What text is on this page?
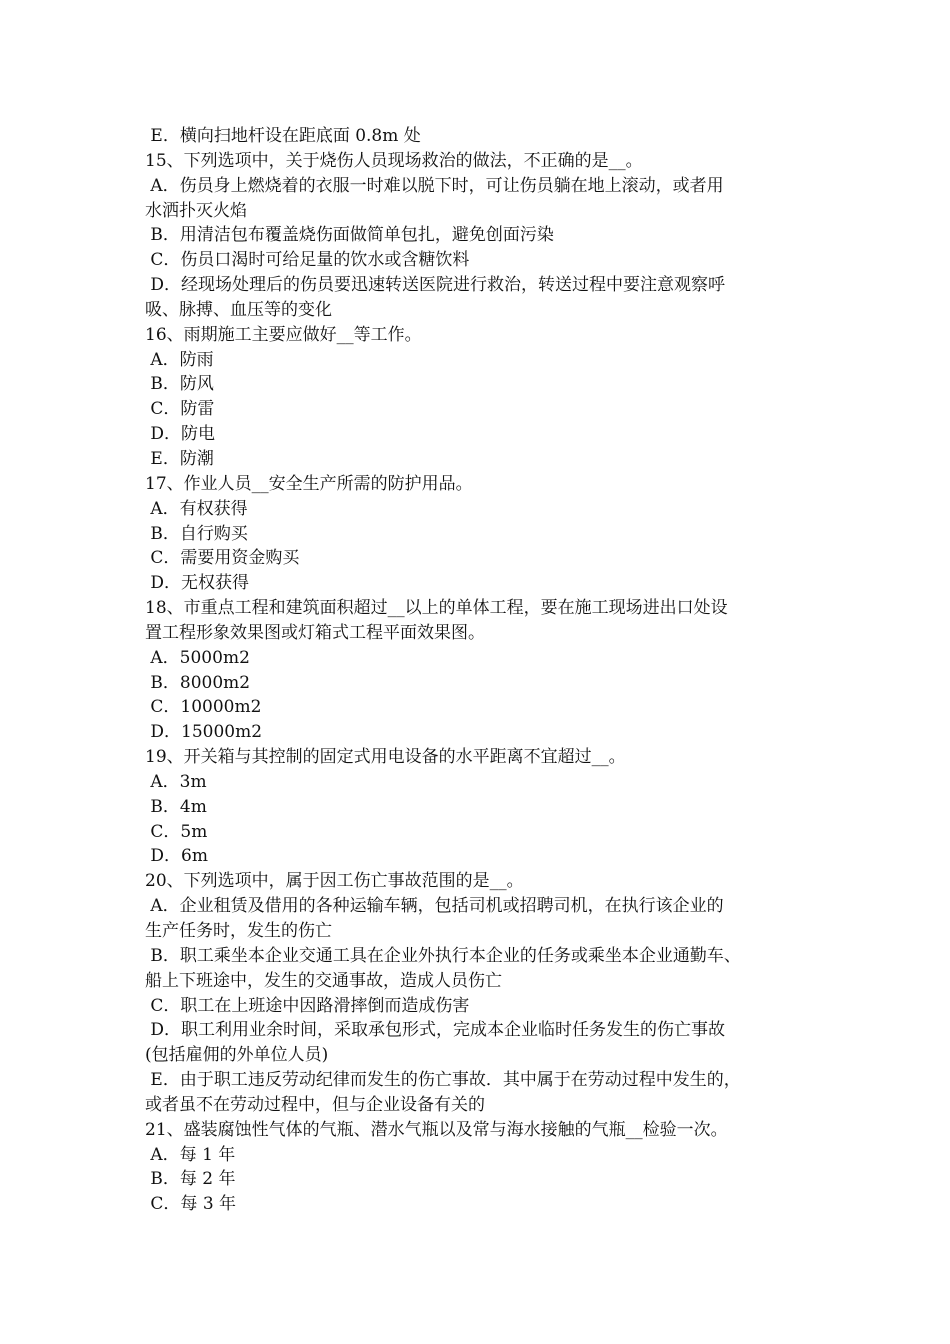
E．横向扫地杆设在距底面 0.8m 处
15、下列选项中，关于烧伤人员现场救治的做法，不正确的是__。
A．伤员身上燃烧着的衣服一时难以脱下时，可让伤员躺在地上滚动，或者用
水洒扑灭火焰
B．用清洁包布覆盖烧伤面做简单包扎，避免创面污染
C．伤员口渴时可给足量的饮水或含糖饮料
D．经现场处理后的伤员要迅速转送医院进行救治，转送过程中要注意观察呼
吸、脉搏、血压等的变化
16、雨期施工主要应做好__等工作。
A．防雨
B．防风
C．防雷
D．防电
E．防潮
17、作业人员__安全生产所需的防护用品。
A．有权获得
B．自行购买
C．需要用资金购买
D．无权获得
18、市重点工程和建筑面积超过__以上的单体工程，要在施工现场进出口处设
置工程形象效果图或灯箱式工程平面效果图。
A．5000m2
B．8000m2
C．10000m2
D．15000m2
19、开关箱与其控制的固定式用电设备的水平距离不宜超过__。
A．3m
B．4m
C．5m
D．6m
20、下列选项中，属于因工伤亡事故范围的是__。
A．企业租赁及借用的各种运输车辆，包括司机或招聘司机，在执行该企业的
生产任务时，发生的伤亡
B．职工乘坐本企业交通工具在企业外执行本企业的任务或乘坐本企业通勤车、
船上下班途中，发生的交通事故，造成人员伤亡
C．职工在上班途中因路滑摔倒而造成伤害
D．职工利用业余时间，采取承包形式，完成本企业临时任务发生的伤亡事故
(包括雇佣的外单位人员)
E．由于职工违反劳动纪律而发生的伤亡事故．其中属于在劳动过程中发生的，
或者虽不在劳动过程中，但与企业设备有关的
21、盛装腐蚀性气体的气瓶、潜水气瓶以及常与海水接触的气瓶__检验一次。
A．每 1 年
B．每 2 年
C．每 3 年
